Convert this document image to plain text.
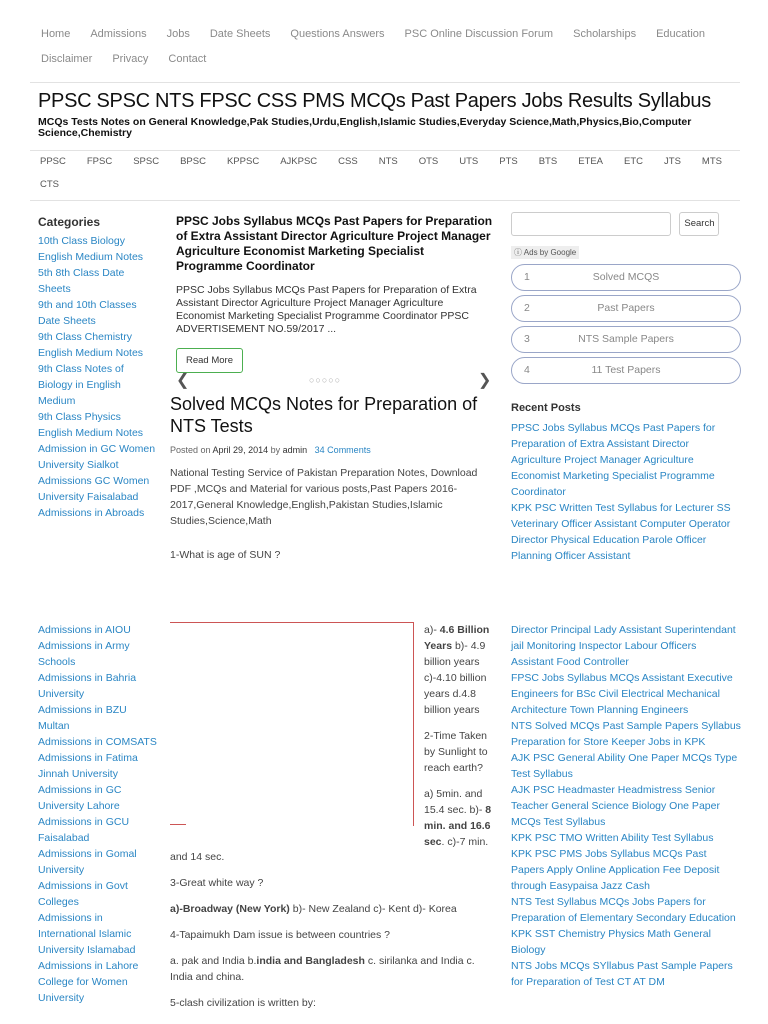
Home Admissions Jobs Date Sheets Questions Answers PSC Online Discussion Forum Scholarships EducationDisclaimer Privacy Contact
PPSC SPSC NTS FPSC CSS PMS MCQs Past Papers Jobs Results Syllabus
MCQs Tests Notes on General Knowledge,Pak Studies,Urdu,English,Islamic Studies,Everyday Science,Math,Physics,Bio,Computer Science,Chemistry
PPSC FPSC SPSC BPSC KPPSC AJKPSC CSS NTS OTS UTS PTS BTS ETEA ETC JTS MTSCTS
Categories
10th Class Biology English Medium Notes
5th 8th Class Date Sheets
9th and 10th Classes Date Sheets
9th Class Chemistry English Medium Notes
9th Class Notes of Biology in English Medium
9th Class Physics English Medium Notes
Admission in GC Women University Sialkot
Admissions GC Women University Faisalabad
Admissions in Abroads
Admissions in AIOU
Admissions in Army Schools
Admissions in Bahria University
Admissions in BZU Multan
Admissions in COMSATS
Admissions in Fatima Jinnah University
Admissions in GC University Lahore
Admissions in GCU Faisalabad
Admissions in Gomal University
Admissions in Govt Colleges
Admissions in International Islamic University Islamabad
Admissions in Lahore College for Women University
PPSC Jobs Syllabus MCQs Past Papers for Preparation of Extra Assistant Director Agriculture Project Manager Agriculture Economist Marketing Specialist Programme Coordinator
PPSC Jobs Syllabus MCQs Past Papers for Preparation of Extra Assistant Director Agriculture Project Manager Agriculture Economist Marketing Specialist Programme Coordinator PPSC ADVERTISEMENT NO.59/2017 ...
Read More
❮	○○○○○	❯
Solved MCQs Notes for Preparation of NTS Tests
Posted on April 29, 2014 by admin 34 Comments

National Testing Service of Pakistan Preparation Notes, Download PDF ,MCQs and Material for various posts,Past Papers 2016-2017,General Knowledge,English,Pakistan Studies,Islamic Studies,Science,Math

1-What is age of SUN ?

a)- 4.6 Billion Years b)- 4.9 billion years c)-4.10 billion years d.4.8 billion years

2-Time Taken by Sunlight to reach earth?

a) 5min. and 15.4 sec. b)- 8 min. and 16.6 sec. c)-7 min.

and 14 sec.

3-Great white way ?

a)-Broadway (New York) b)- New Zealand c)- Kent d)- Korea

4-Tapaimukh Dam issue is between countries ?

a. pak and India b.india and Bangladesh c. sirilanka and India c. India and china.

5-clash civilization is written by:

Search
ⓘ Ads by Google
1	Solved MCQS
2	Past Papers
3	NTS Sample Papers
4	11 Test Papers
Recent Posts
PPSC Jobs Syllabus MCQs Past Papers for Preparation of Extra Assistant Director Agriculture Project Manager Agriculture Economist Marketing Specialist Programme Coordinator
KPK PSC Written Test Syllabus for Lecturer SS Veterinary Officer Assistant Computer Operator Director Physical Education Parole Officer Planning Officer Assistant
Director Principal Lady Assistant Superintendant jail Monitoring Inspector Labour Officers Assistant Food Controller
FPSC Jobs Syllabus MCQs Assistant Executive Engineers for BSc Civil Electrical Mechanical Architecture Town Planning Engineers
NTS Solved MCQs Past Sample Papers Syllabus Preparation for Store Keeper Jobs in KPK
AJK PSC General Ability One Paper MCQs Type Test Syllabus
AJK PSC Headmaster Headmistress Senior Teacher General Science Biology One Paper MCQs Test Syllabus
KPK PSC TMO Written Ability Test Syllabus
KPK PSC PMS Jobs Syllabus MCQs Past Papers Apply Online Application Fee Deposit through Easypaisa Jazz Cash
NTS Test Syllabus MCQs Jobs Papers for Preparation of Elementary Secondary Education KPK SST Chemistry Physics Math General Biology
NTS Jobs MCQs SYllabus Past Sample Papers for Preparation of Test CT AT DM
